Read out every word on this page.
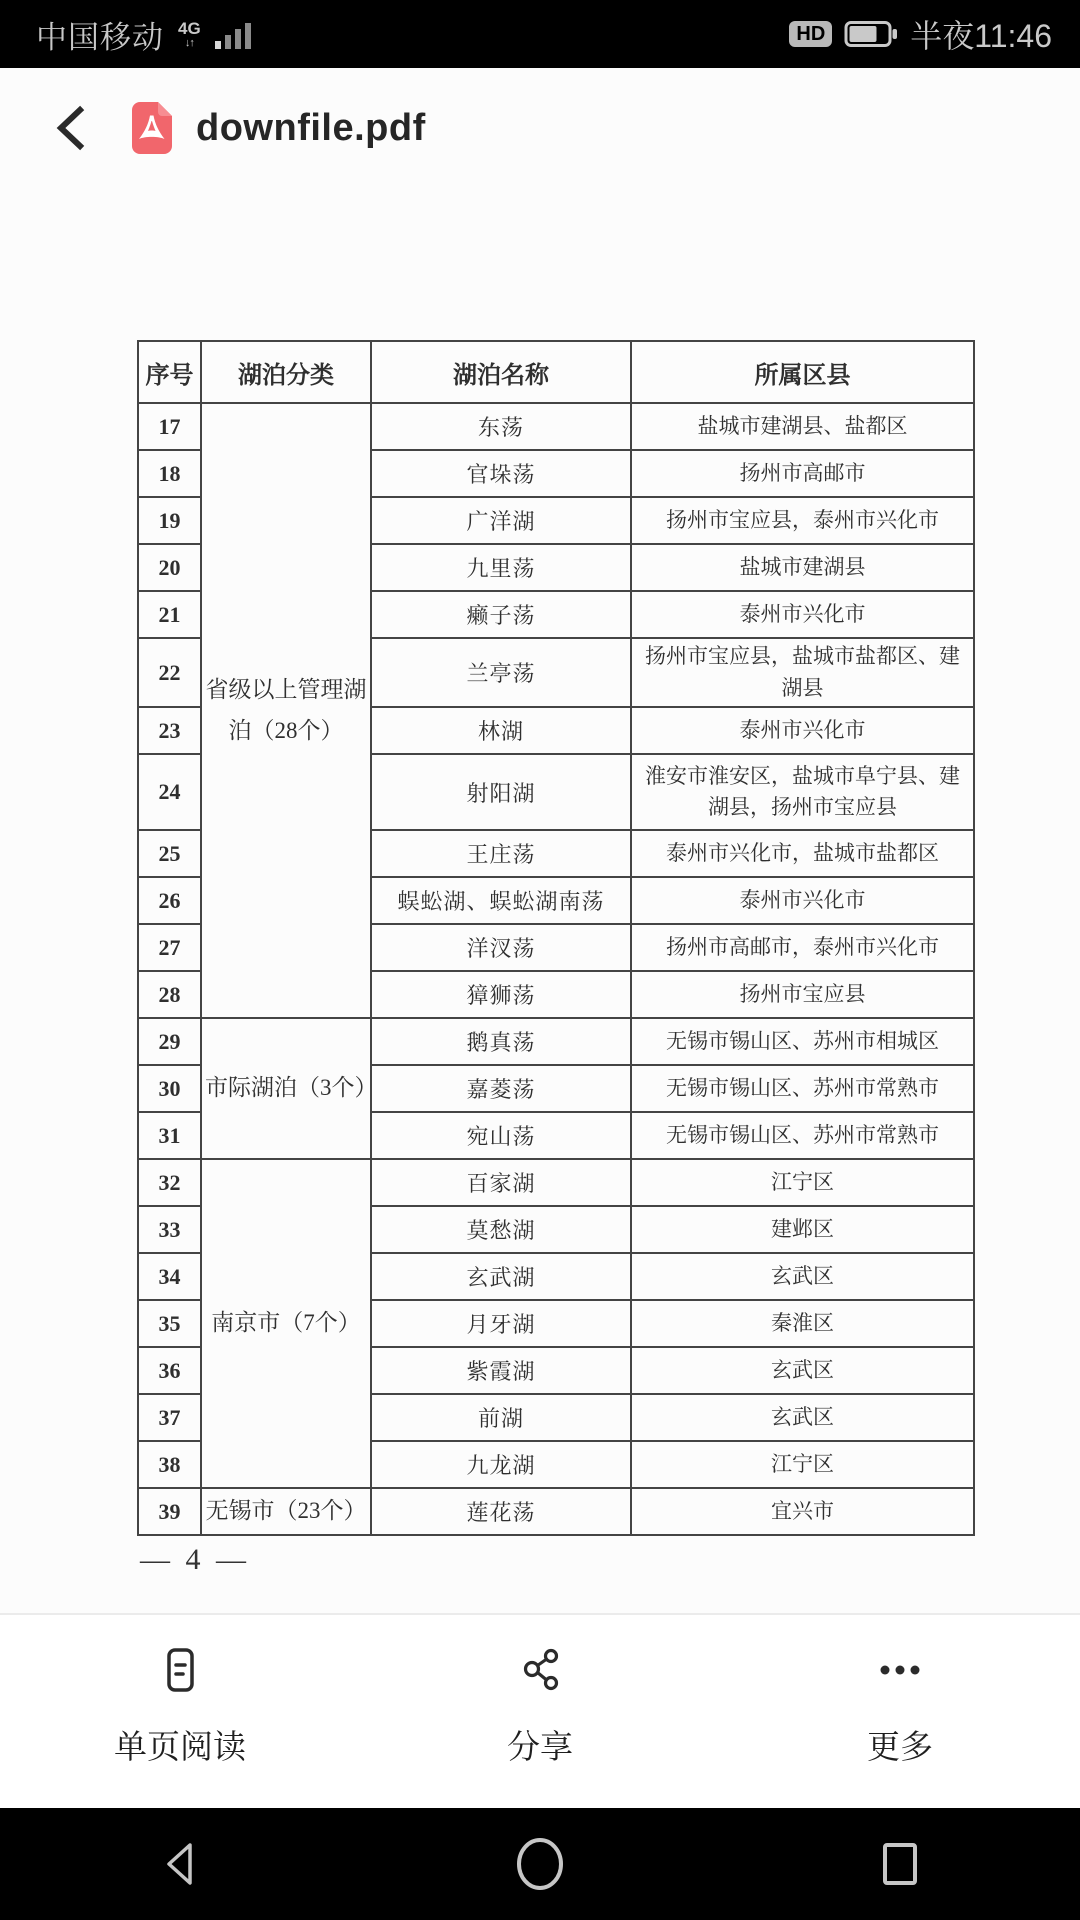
中国移动 4G
↓↑	HD	半夜11:46
downfile.pdf
序号	湖泊分类	湖泊名称	所属区县
17	省级以上管理湖泊（28个）	东荡	盐城市建湖县、盐都区
18		官垛荡	扬州市高邮市
19		广洋湖	扬州市宝应县，泰州市兴化市
20		九里荡	盐城市建湖县
21		癞子荡	泰州市兴化市
22		兰亭荡	扬州市宝应县，盐城市盐都区、建湖县
23		林湖	泰州市兴化市
24		射阳湖	淮安市淮安区，盐城市阜宁县、建湖县，扬州市宝应县
25		王庄荡	泰州市兴化市，盐城市盐都区
26		蜈蚣湖、蜈蚣湖南荡	泰州市兴化市
27		洋汊荡	扬州市高邮市，泰州市兴化市
28		獐狮荡	扬州市宝应县
29	市际湖泊（3个）	鹅真荡	无锡市锡山区、苏州市相城区
30		嘉菱荡	无锡市锡山区、苏州市常熟市
31		宛山荡	无锡市锡山区、苏州市常熟市
32	南京市（7个）	百家湖	江宁区
33		莫愁湖	建邺区
34		玄武湖	玄武区
35		月牙湖	秦淮区
36		紫霞湖	玄武区
37		前湖	玄武区
38		九龙湖	江宁区
39	无锡市（23个）	莲花荡	宜兴市
— 4 —
单页阅读	分享	更多
